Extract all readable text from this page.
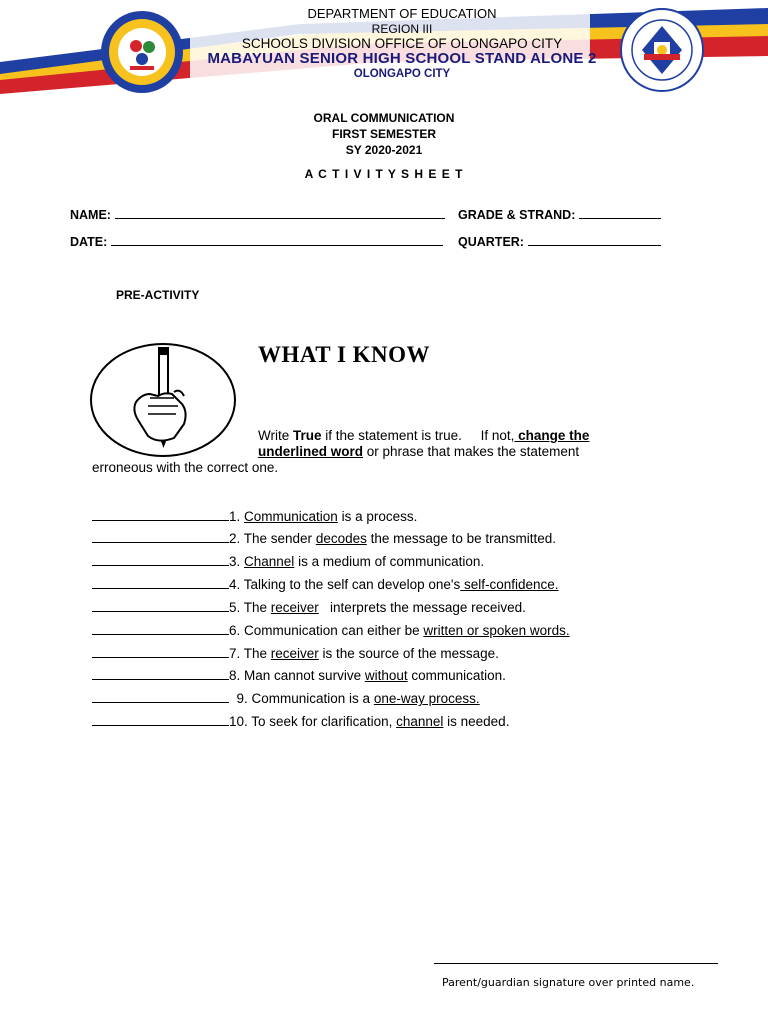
DEPARTMENT OF EDUCATION
REGION III
SCHOOLS DIVISION OFFICE OF OLONGAPO CITY
MABAYUAN SENIOR HIGH SCHOOL STAND ALONE 2
OLONGAPO CITY
ORAL COMMUNICATION
FIRST SEMESTER
SY 2020-2021
A C T I V I T Y S H E E T
NAME:	GRADE & STRAND:
DATE:	QUARTER:
PRE-ACTIVITY
WHAT I KNOW
Write True if the statement is true.     If not, change the
underlined word or phrase that makes the statement
erroneous with the correct one.
1. Communication is a process.
2. The sender decodes the message to be transmitted.
3. Channel is a medium of communication.
4. Talking to the self can develop one's self-confidence.
5. The receiver   interprets the message received.
6. Communication can either be written or spoken words.
7. The receiver is the source of the message.
8. Man cannot survive without communication.
9. Communication is a one-way process.
10. To seek for clarification, channel is needed.
Parent/guardian signature over printed name.
